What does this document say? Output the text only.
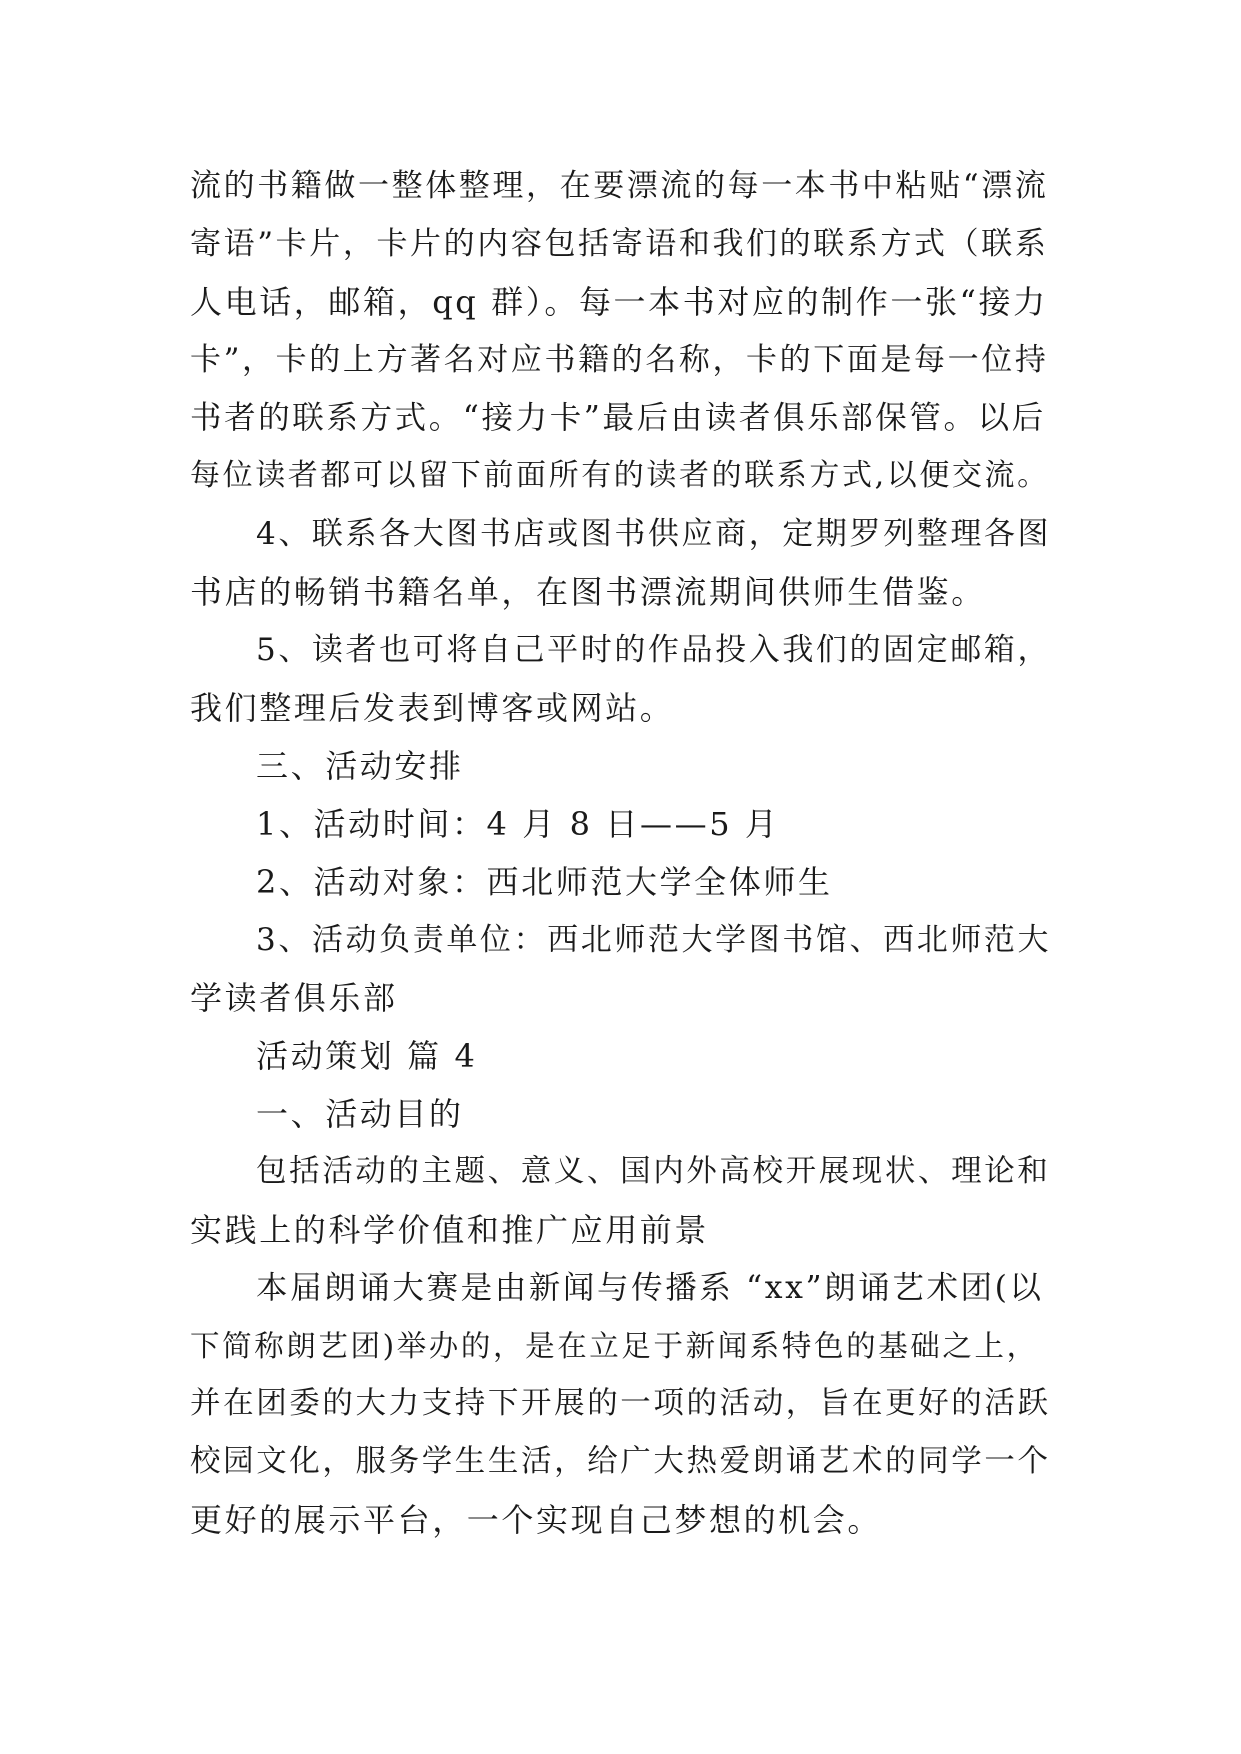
流的书籍做一整体整理，在要漂流的每一本书中粘贴“漂流
寄语”卡片，卡片的内容包括寄语和我们的联系方式（联系
人电话，邮箱，qq 群）。每一本书对应的制作一张“接力
卡”，卡的上方著名对应书籍的名称，卡的下面是每一位持
书者的联系方式。“接力卡”最后由读者俱乐部保管。以后
每位读者都可以留下前面所有的读者的联系方式,以便交流。
4、联系各大图书店或图书供应商，定期罗列整理各图
书店的畅销书籍名单，在图书漂流期间供师生借鉴。
5、读者也可将自己平时的作品投入我们的固定邮箱，
我们整理后发表到博客或网站。
三、活动安排
1、活动时间：4 月 8 日——5 月
2、活动对象：西北师范大学全体师生
3、活动负责单位：西北师范大学图书馆、西北师范大
学读者俱乐部
活动策划 篇 4
一、活动目的
包括活动的主题、意义、国内外高校开展现状、理论和
实践上的科学价值和推广应用前景
本届朗诵大赛是由新闻与传播系 “xx”朗诵艺术团(以
下简称朗艺团)举办的，是在立足于新闻系特色的基础之上，
并在团委的大力支持下开展的一项的活动，旨在更好的活跃
校园文化，服务学生生活，给广大热爱朗诵艺术的同学一个
更好的展示平台，一个实现自己梦想的机会。
